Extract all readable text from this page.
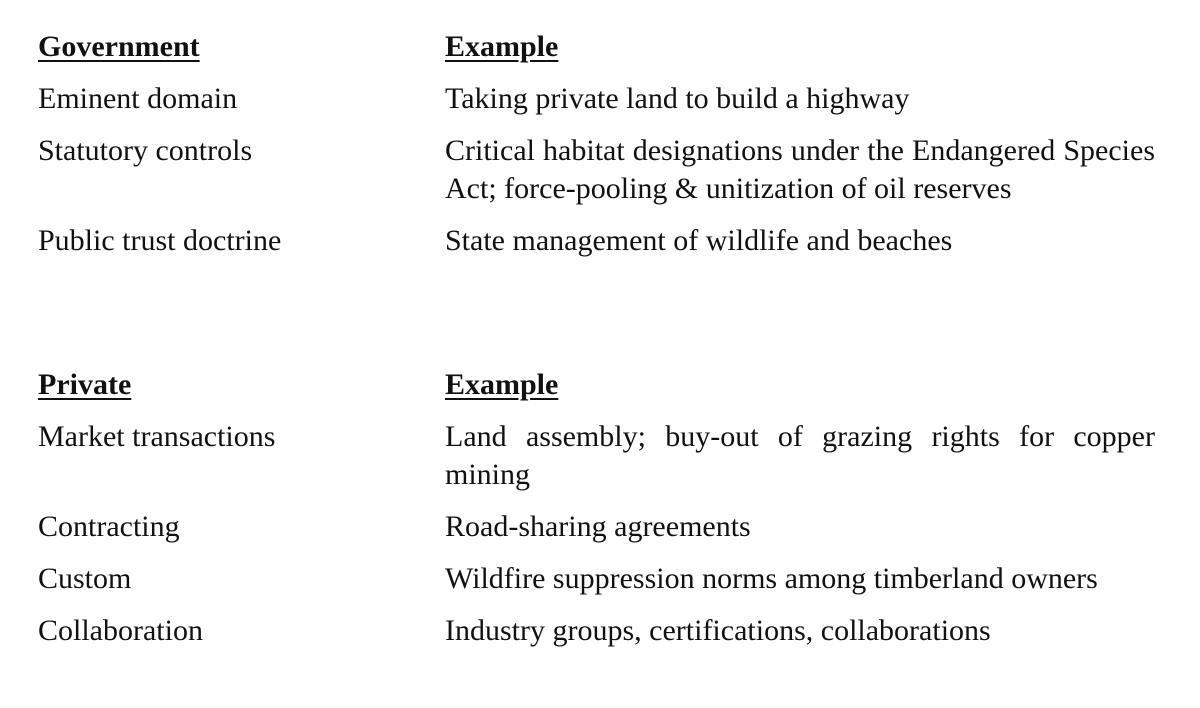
Government	Example
Eminent domain	Taking private land to build a highway
Statutory controls	Critical habitat designations under the Endangered Species Act; force-pooling & unitization of oil reserves
Public trust doctrine	State management of wildlife and beaches
Private	Example
Market transactions	Land assembly; buy-out of grazing rights for copper mining
Contracting	Road-sharing agreements
Custom	Wildfire suppression norms among timberland owners
Collaboration	Industry groups, certifications, collaborations
